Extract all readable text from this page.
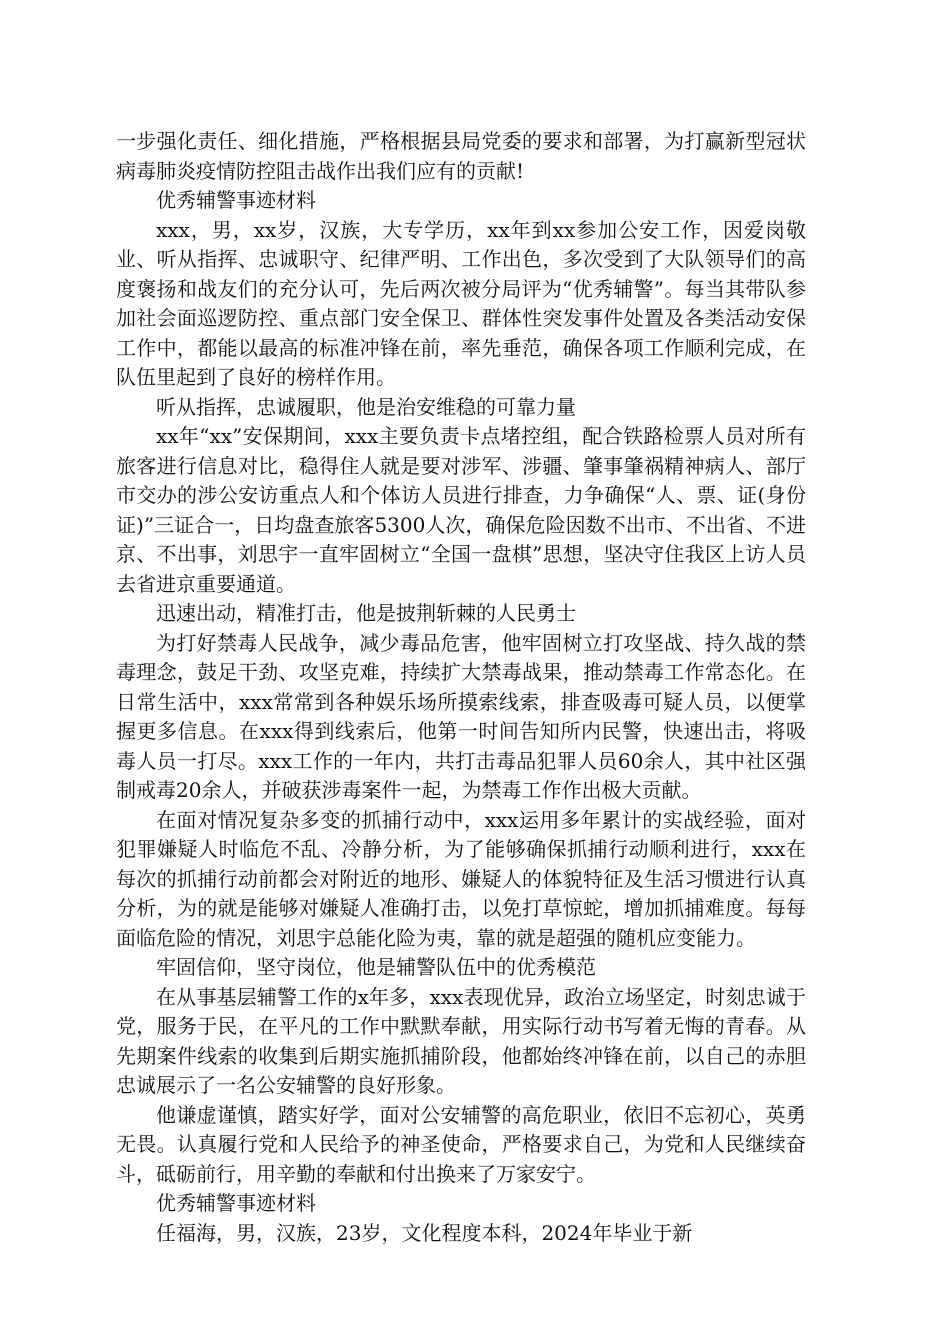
一步强化责任、细化措施，严格根据县局党委的要求和部署，为打赢新型冠状病毒肺炎疫情防控阻击战作出我们应有的贡献!

优秀辅警事迹材料

xxx，男，xx岁，汉族，大专学历，xx年到xx参加公安工作，因爱岗敬业、听从指挥、忠诚职守、纪律严明、工作出色，多次受到了大队领导们的高度褒扬和战友们的充分认可，先后两次被分局评为“优秀辅警”。每当其带队参加社会面巡逻防控、重点部门安全保卫、群体性突发事件处置及各类活动安保工作中，都能以最高的标准冲锋在前，率先垂范，确保各项工作顺利完成，在队伍里起到了良好的榜样作用。

听从指挥，忠诚履职，他是治安维稳的可靠力量

xx年“xx”安保期间，xxx主要负责卡点堵控组，配合铁路检票人员对所有旅客进行信息对比，稳得住人就是要对涉军、涉疆、肇事肇祸精神病人、部厅市交办的涉公安访重点人和个体访人员进行排查，力争确保“人、票、证(身份证)”三证合一，日均盘查旅客5300人次，确保危险因数不出市、不出省、不进京、不出事，刘思宇一直牢固树立“全国一盘棋”思想，坚决守住我区上访人员去省进京重要通道。

迅速出动，精准打击，他是披荆斩棘的人民勇士

为打好禁毒人民战争，减少毒品危害，他牢固树立打攻坚战、持久战的禁毒理念，鼓足干劲、攻坚克难，持续扩大禁毒战果，推动禁毒工作常态化。在日常生活中，xxx常常到各种娱乐场所摸索线索，排查吸毒可疑人员，以便掌握更多信息。在xxx得到线索后，他第一时间告知所内民警，快速出击，将吸毒人员一打尽。xxx工作的一年内，共打击毒品犯罪人员60余人，其中社区强制戒毒20余人，并破获涉毒案件一起，为禁毒工作作出极大贡献。

在面对情况复杂多变的抓捕行动中，xxx运用多年累计的实战经验，面对犯罪嫌疑人时临危不乱、冷静分析，为了能够确保抓捕行动顺利进行，xxx在每次的抓捕行动前都会对附近的地形、嫌疑人的体貌特征及生活习惯进行认真分析，为的就是能够对嫌疑人准确打击，以免打草惊蛇，增加抓捕难度。每每面临危险的情况，刘思宇总能化险为夷，靠的就是超强的随机应变能力。

牢固信仰，坚守岗位，他是辅警队伍中的优秀模范

在从事基层辅警工作的x年多，xxx表现优异，政治立场坚定，时刻忠诚于党，服务于民，在平凡的工作中默默奉献，用实际行动书写着无悔的青春。从先期案件线索的收集到后期实施抓捕阶段，他都始终冲锋在前，以自己的赤胆忠诚展示了一名公安辅警的良好形象。

他谦虚谨慎，踏实好学，面对公安辅警的高危职业，依旧不忘初心，英勇无畏。认真履行党和人民给予的神圣使命，严格要求自己，为党和人民继续奋斗，砥砺前行，用辛勤的奉献和付出换来了万家安宁。

优秀辅警事迹材料

任福海，男，汉族，23岁，文化程度本科，2024年毕业于新
